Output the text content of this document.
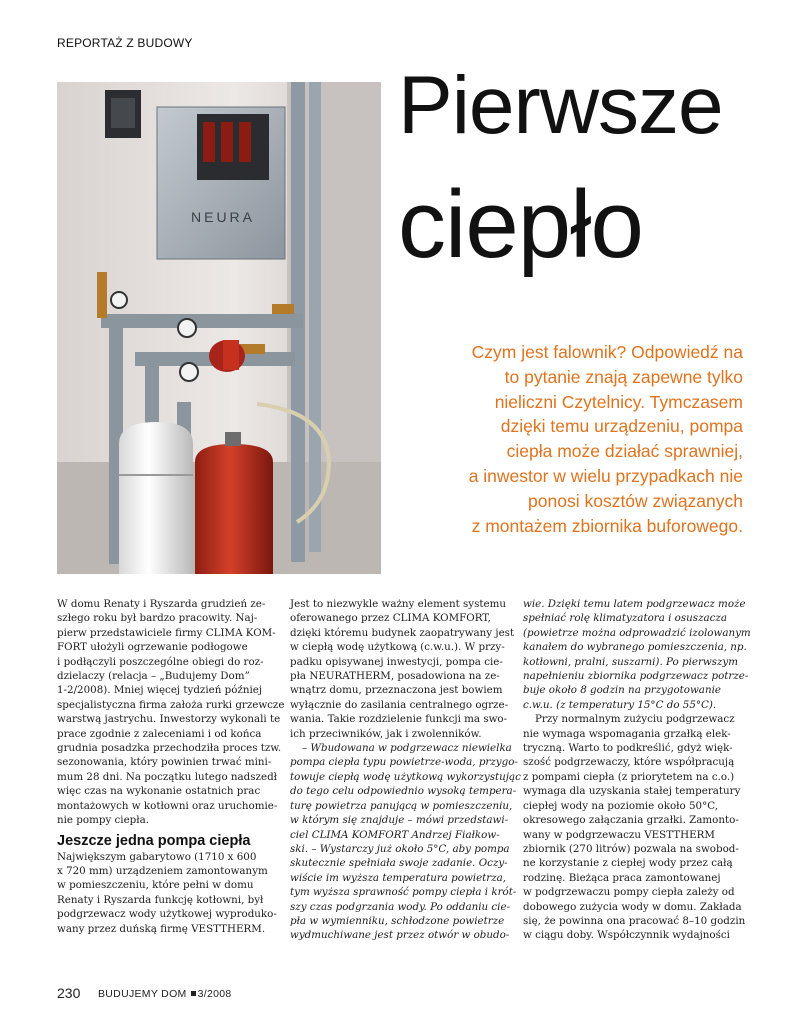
REPORTAŻ Z BUDOWY
NEURA
Pierwsze
ciepło
Czym jest falownik? Odpowiedź na
to pytanie znają zapewne tylko
nieliczni Czytelnicy. Tymczasem
dzięki temu urządzeniu, pompa
ciepła może działać sprawniej,
a inwestor w wielu przypadkach nie
ponosi kosztów związanych
z montażem zbiornika buforowego.
W domu Renaty i Ryszarda grudzień ze-
szłego roku był bardzo pracowity. Naj-
pierw przedstawiciele firmy CLIMA KOM-
FORT ułożyli ogrzewanie podłogowe
i podłączyli poszczególne obiegi do roz-
dzielaczy (relacja – „Budujemy Dom”
1-2/2008). Mniej więcej tydzień później
specjalistyczna firma założa rurki grzewcze
warstwą jastrychu. Inwestorzy wykonali te
prace zgodnie z zaleceniami i od końca
grudnia posadzka przechodziła proces tzw.
sezonowania, który powinien trwać mini-
mum 28 dni. Na początku lutego nadszedł
więc czas na wykonanie ostatnich prac
montażowych w kotłowni oraz uruchomie-
nie pompy ciepła.
Jeszcze jedna pompa ciepła
Największym gabarytowo (1710 x 600
x 720 mm) urządzeniem zamontowanym
w pomieszczeniu, które pełni w domu
Renaty i Ryszarda funkcję kotłowni, był
podgrzewacz wody użytkowej wyproduko-
wany przez duńską firmę VESTTHERM.
Jest to niezwykle ważny element systemu
oferowanego przez CLIMA KOMFORT,
dzięki któremu budynek zaopatrywany jest
w ciepłą wodę użytkową (c.w.u.). W przy-
padku opisywanej inwestycji, pompa cie-
pła NEURATHERM, posadowiona na ze-
wnątrz domu, przeznaczona jest bowiem
wyłącznie do zasilania centralnego ogrze-
wania. Takie rozdzielenie funkcji ma swo-
ich przeciwników, jak i zwolenników.
– Wbudowana w podgrzewacz niewielka
pompa ciepła typu powietrze-woda, przygo-
towuje ciepłą wodę użytkową wykorzystując
do tego celu odpowiednio wysoką tempera-
turę powietrza panującą w pomieszczeniu,
w którym się znajduje – mówi przedstawi-
ciel CLIMA KOMFORT Andrzej Fiałkow-
ski. – Wystarczy już około 5°C, aby pompa
skutecznie spełniała swoje zadanie. Oczy-
wiście im wyższa temperatura powietrza,
tym wyższa sprawność pompy ciepła i krót-
szy czas podgrzania wody. Po oddaniu cie-
pła w wymienniku, schłodzone powietrze
wydmuchiwane jest przez otwór w obudo-
wie. Dzięki temu latem podgrzewacz może
spełniać rolę klimatyzatora i osuszacza
(powietrze można odprowadzić izolowanym
kanałem do wybranego pomieszczenia, np.
kotłowni, pralni, suszarni). Po pierwszym
napełnieniu zbiornika podgrzewacz potrze-
buje około 8 godzin na przygotowanie
c.w.u. (z temperatury 15°C do 55°C).
Przy normalnym zużyciu podgrzewacz
nie wymaga wspomagania grzałką elek-
tryczną. Warto to podkreślić, gdyż więk-
szość podgrzewaczy, które współpracują
z pompami ciepła (z priorytetem na c.o.)
wymaga dla uzyskania stałej temperatury
ciepłej wody na poziomie około 50°C,
okresowego załączania grzałki. Zamonto-
wany w podgrzewaczu VESTTHERM
zbiornik (270 litrów) pozwala na swobod-
ne korzystanie z ciepłej wody przez całą
rodzinę. Bieżąca praca zamontowanej
w podgrzewaczu pompy ciepła zależy od
dobowego zużycia wody w domu. Zakłada
się, że powinna ona pracować 8–10 godzin
w ciągu doby. Współczynnik wydajności
230 BUDUJEMY DOM 3/2008
